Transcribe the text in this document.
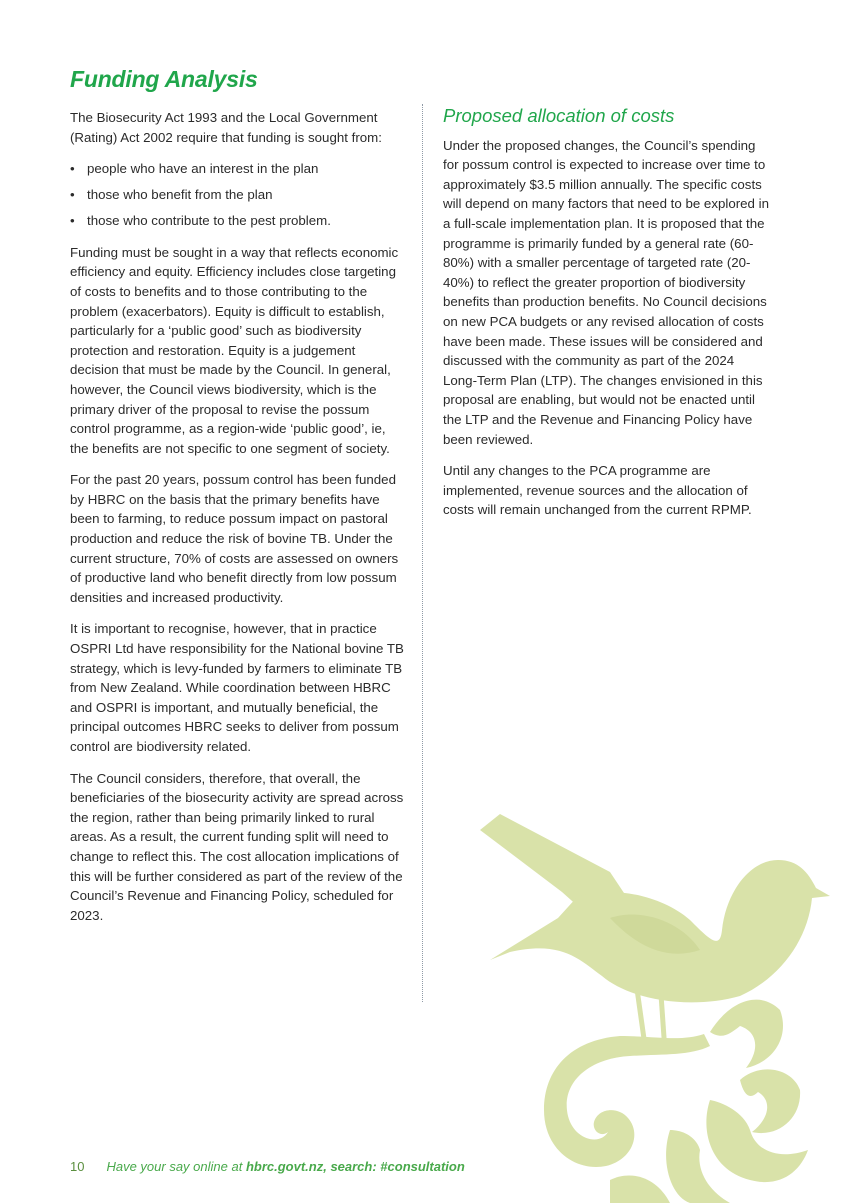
Funding Analysis

The Biosecurity Act 1993 and the Local Government (Rating) Act 2002 require that funding is sought from:

• people who have an interest in the plan
• those who benefit from the plan
• those who contribute to the pest problem.

Funding must be sought in a way that reflects economic efficiency and equity. Efficiency includes close targeting of costs to benefits and to those contributing to the problem (exacerbators). Equity is difficult to establish, particularly for a ‘public good’ such as biodiversity protection and restoration. Equity is a judgement decision that must be made by the Council. In general, however, the Council views biodiversity, which is the primary driver of the proposal to revise the possum control programme, as a region-wide ‘public good’, ie, the benefits are not specific to one segment of society.

For the past 20 years, possum control has been funded by HBRC on the basis that the primary benefits have been to farming, to reduce possum impact on pastoral production and reduce the risk of bovine TB. Under the current structure, 70% of costs are assessed on owners of productive land who benefit directly from low possum densities and increased productivity.

It is important to recognise, however, that in practice OSPRI Ltd have responsibility for the National bovine TB strategy, which is levy-funded by farmers to eliminate TB from New Zealand. While coordination between HBRC and OSPRI is important, and mutually beneficial, the principal outcomes HBRC seeks to deliver from possum control are biodiversity related.

The Council considers, therefore, that overall, the beneficiaries of the biosecurity activity are spread across the region, rather than being primarily linked to rural areas. As a result, the current funding split will need to change to reflect this. The cost allocation implications of this will be further considered as part of the review of the Council’s Revenue and Financing Policy, scheduled for 2023.

Proposed allocation of costs

Under the proposed changes, the Council’s spending for possum control is expected to increase over time to approximately $3.5 million annually. The specific costs will depend on many factors that need to be explored in a full-scale implementation plan. It is proposed that the programme is primarily funded by a general rate (60-80%) with a smaller percentage of targeted rate (20-40%) to reflect the greater proportion of biodiversity benefits than production benefits. No Council decisions on new PCA budgets or any revised allocation of costs have been made. These issues will be considered and discussed with the community as part of the 2024 Long-Term Plan (LTP). The changes envisioned in this proposal are enabling, but would not be enacted until the LTP and the Revenue and Financing Policy have been reviewed.

Until any changes to the PCA programme are implemented, revenue sources and the allocation of costs will remain unchanged from the current RPMP.

10 Have your say online at hbrc.govt.nz, search: #consultation
